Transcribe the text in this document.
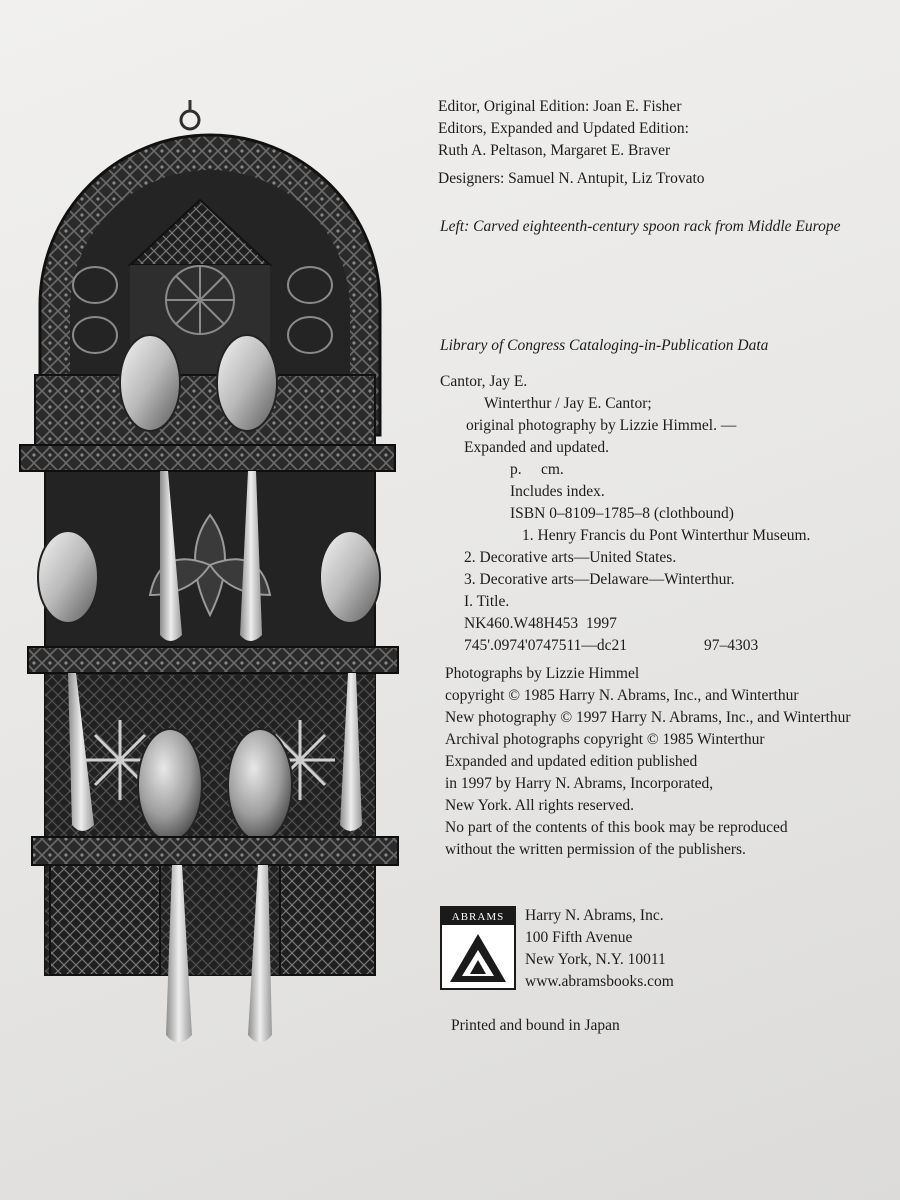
Editor, Original Edition: Joan E. Fisher
Editors, Expanded and Updated Edition:
Ruth A. Peltason, Margaret E. Braver
Designers: Samuel N. Antupit, Liz Trovato
Left: Carved eighteenth-century spoon rack from Middle Europe
Library of Congress Cataloging-in-Publication Data
Cantor, Jay E.
Winterthur / Jay E. Cantor;
original photography by Lizzie Himmel. —
Expanded and updated.
p.     cm.
Includes index.
ISBN 0–8109–1785–8 (clothbound)
1. Henry Francis du Pont Winterthur Museum.
2. Decorative arts—United States.
3. Decorative arts—Delaware—Winterthur.
I. Title.
NK460.W48H453  1997
745'.0974'0747511—dc21	97–4303
Photographs by Lizzie Himmel
copyright © 1985 Harry N. Abrams, Inc., and Winterthur
New photography © 1997 Harry N. Abrams, Inc., and Winterthur
Archival photographs copyright © 1985 Winterthur
Expanded and updated edition published
in 1997 by Harry N. Abrams, Incorporated,
New York. All rights reserved.
No part of the contents of this book may be reproduced
without the written permission of the publishers.
ABRAMS Harry N. Abrams, Inc.
100 Fifth Avenue
New York, N.Y. 10011
www.abramsbooks.com
Printed and bound in Japan
